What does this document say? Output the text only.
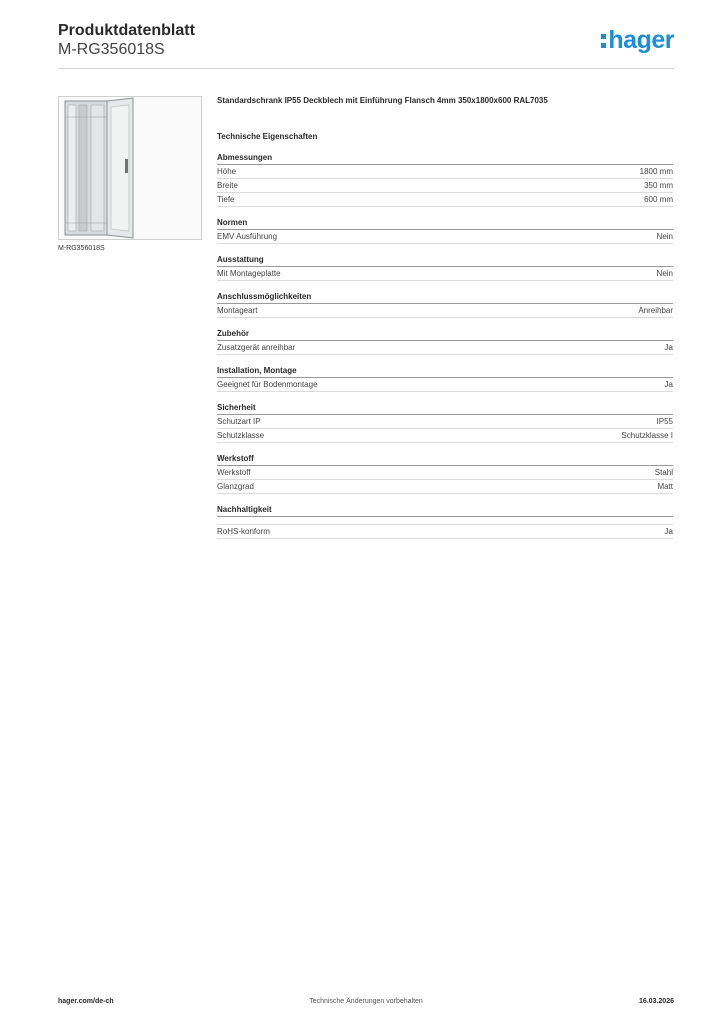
Produktdatenblatt
M-RG356018S	hager
M-RG356018S
Standardschrank IP55 Deckblech mit Einführung Flansch 4mm 350x1800x600 RAL7035
Technische Eigenschaften
Abmessungen
Höhe	1800 mm
Breite	350 mm
Tiefe	600 mm
Normen
EMV Ausführung	Nein
Ausstattung
Mit Montageplatte	Nein
Anschlussmöglichkeiten
Montageart	Anreihbar
Zubehör
Zusatzgerät anreihbar	Ja
Installation, Montage
Geeignet für Bodenmontage	Ja
Sicherheit
Schutzart IP	IP55
Schutzklasse	Schutzklasse I
Werkstoff
Werkstoff	Stahl
Glanzgrad	Matt
Nachhaltigkeit
RoHS-konform	Ja
hager.com/de-ch	Technische Änderungen vorbehalten	16.03.2026
